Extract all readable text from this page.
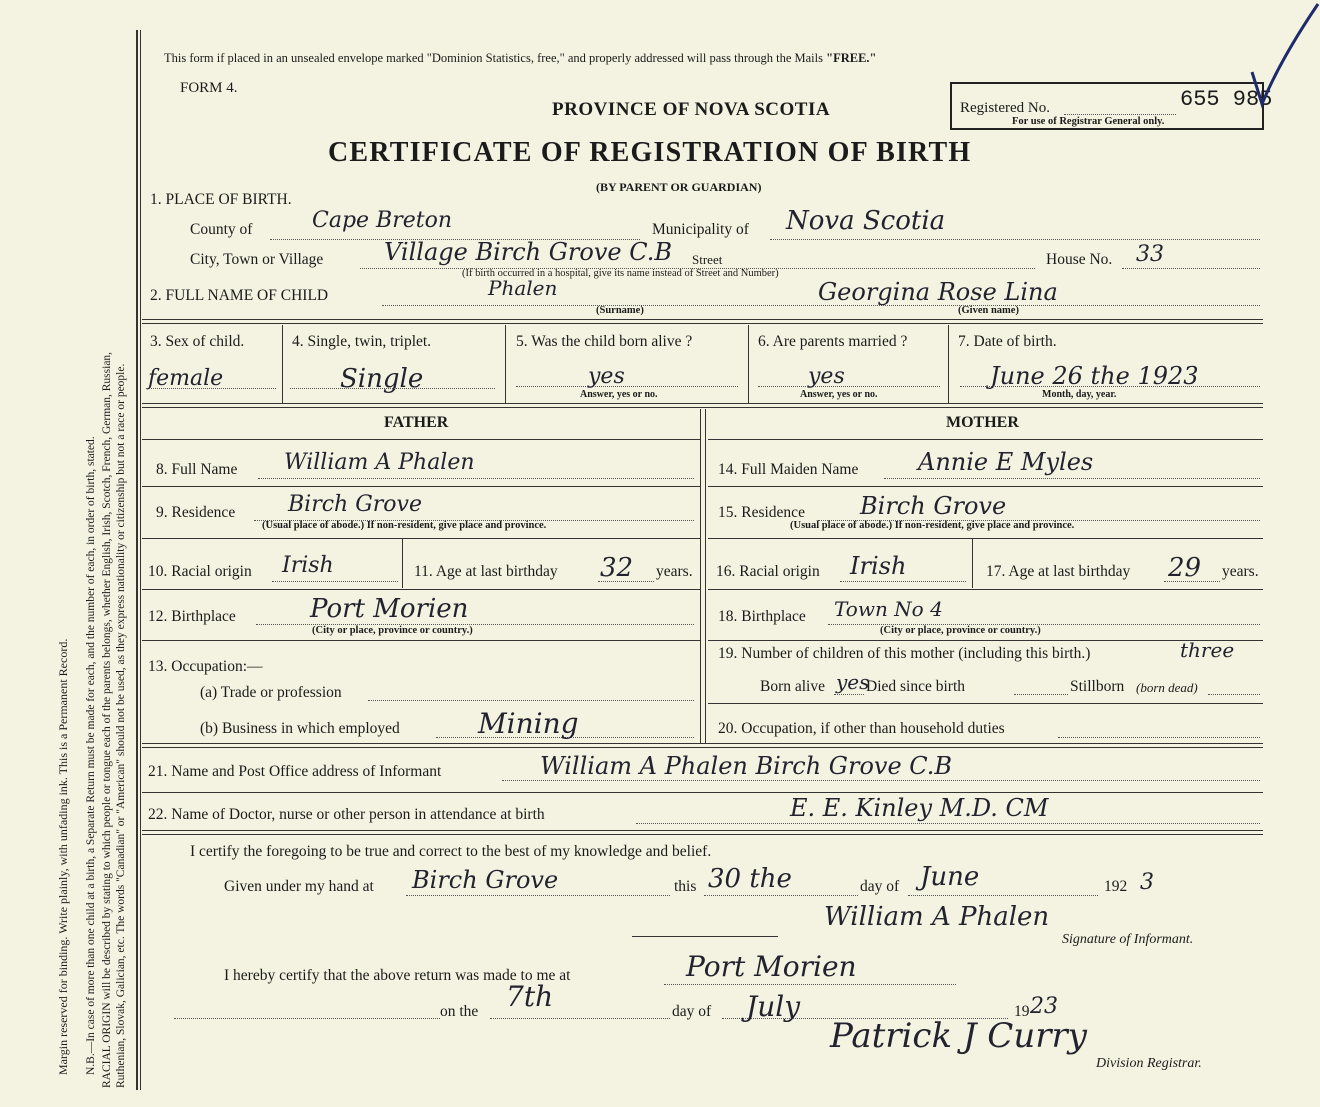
Margin reserved for binding. Write plainly, with unfading ink. This is a Permanent Record. N.B.—In case of more than one child at a birth, a Separate Return must be made for each, and the number of each, in order of birth, stated. RACIAL ORIGIN will be described by stating to which people or tongue each of the parents belongs, whether English, Irish, Scotch, French, German, Russian, Ruthenian, Slovak, Galician, etc. The words "Canadian" or "American" should not be used, as they express nationality or citizenship but not a race or people.
This form if placed in an unsealed envelope marked "Dominion Statistics, free," and properly addressed will pass through the Mails "FREE."
FORM 4.
PROVINCE OF NOVA SCOTIA
CERTIFICATE OF REGISTRATION OF BIRTH
(BY PARENT OR GUARDIAN)
Registered No.	655 985
For use of Registrar General only.
1. PLACE OF BIRTH.
County of	Cape Breton	Municipality of Nova Scotia
City, Town or Village	Village Birch Grove C.B Street
(If birth occurred in a hospital, give its name instead of Street and Number)
House No. 33
2. FULL NAME OF CHILD	Phalen	Georgina Rose Lina
(Surname)	(Given name)
3. Sex of child.
female
4. Single, twin, triplet.
Single
5. Was the child born alive ?
yes
Answer, yes or no.
6. Are parents married ?
yes
Answer, yes or no.
7. Date of birth.
June 26 the 1923
Month, day, year.
FATHER	MOTHER
8. Full Name William A Phalen
9. Residence Birch Grove
(Usual place of abode.) If non-resident, give place and province.
10. Racial origin Irish	11. Age at last birthday 32 years.
12. Birthplace	Port Morien
(City or place, province or country.)
13. Occupation:—
(a) Trade or profession
(b) Business in which employed	Mining
14. Full Maiden Name Annie E Myles
15. Residence Birch Grove
(Usual place of abode.) If non-resident, give place and province.
16. Racial origin Irish	17. Age at last birthday 29 years.
18. Birthplace Town No 4
(City or place, province or country.)
19. Number of children of this mother (including this birth.)	three
Born alive yes
Died since birth	Stillborn (born dead)
20. Occupation, if other than household duties
21. Name and Post Office address of Informant	William A Phalen Birch Grove C.B
22. Name of Doctor, nurse or other person in attendance at birth	E. E. Kinley M.D. CM
I certify the foregoing to be true and correct to the best of my knowledge and belief.
Given under my hand at Birch Grove	this 30 the	day of June	192 3
William A Phalen
Signature of Informant.
I hereby certify that the above return was made to me at	Port Morien
on the 7th	day of July	19 23
Patrick J Curry
Division Registrar.
